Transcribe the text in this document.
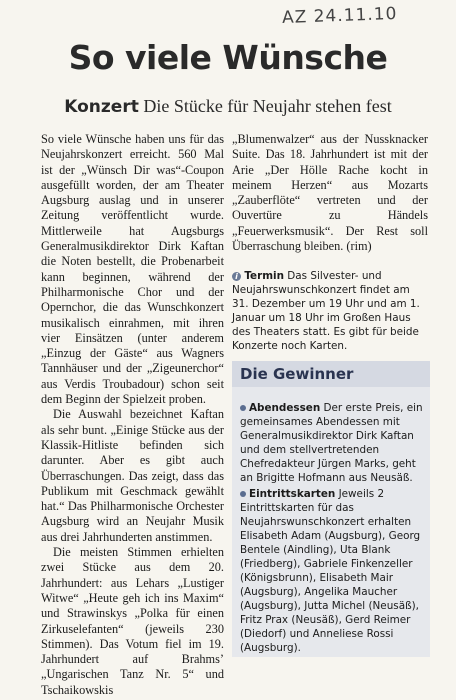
AZ 24.11.10
So viele Wünsche
Konzert Die Stücke für Neujahr stehen fest

So viele Wünsche haben uns für das Neujahrskonzert erreicht. 560 Mal ist der „Wünsch Dir was“-Coupon ausgefüllt worden, der am Theater Augsburg auslag und in unserer Zeitung veröffentlicht wurde. Mittlerweile hat Augsburgs Generalmusikdirektor Dirk Kaftan die Noten bestellt, die Probenarbeit kann beginnen, während der Philharmonische Chor und der Opernchor, die das Wunschkonzert musikalisch einrahmen, mit ihren vier Einsätzen (unter anderem „Einzug der Gäste“ aus Wagners Tannhäuser und der „Zigeunerchor“ aus Verdis Troubadour) schon seit dem Beginn der Spielzeit proben.

Die Auswahl bezeichnet Kaftan als sehr bunt. „Einige Stücke aus der Klassik-Hitliste befinden sich darunter. Aber es gibt auch Überraschungen. Das zeigt, dass das Publikum mit Geschmack gewählt hat.“ Das Philharmonische Orchester Augsburg wird an Neujahr Musik aus drei Jahrhunderten anstimmen.

Die meisten Stimmen erhielten zwei Stücke aus dem 20. Jahrhundert: aus Lehars „Lustiger Witwe“ „Heute geh ich ins Maxim“ und Strawinskys „Polka für einen Zirkuselefanten“ (jeweils 230 Stimmen). Das Votum fiel im 19. Jahrhundert auf Brahms’ „Ungarischen Tanz Nr. 5“ und Tschaikowskis

„Blumenwalzer“ aus der Nussknacker Suite. Das 18. Jahrhundert ist mit der Arie „Der Hölle Rache kocht in meinem Herzen“ aus Mozarts „Zauberflöte“ vertreten und der Ouvertüre zu Händels „Feuerwerksmusik“. Der Rest soll Überraschung bleiben. (rim)

i Termin Das Silvester- und Neujahrswunschkonzert findet am 31. Dezember um 19 Uhr und am 1. Januar um 18 Uhr im Großen Haus des Theaters statt. Es gibt für beide Konzerte noch Karten.
Die Gewinner
Abendessen Der erste Preis, ein gemeinsames Abendessen mit Generalmusikdirektor Dirk Kaftan und dem stellvertretenden Chefredakteur Jürgen Marks, geht an Brigitte Hofmann aus Neusäß.
Eintrittskarten Jeweils 2 Eintrittskarten für das Neujahrswunschkonzert erhalten Elisabeth Adam (Augsburg), Georg Bentele (Aindling), Uta Blank (Friedberg), Gabriele Finkenzeller (Königsbrunn), Elisabeth Mair (Augsburg), Angelika Maucher (Augsburg), Jutta Michel (Neusäß), Fritz Prax (Neusäß), Gerd Reimer (Diedorf) und Anneliese Rossi (Augsburg).
